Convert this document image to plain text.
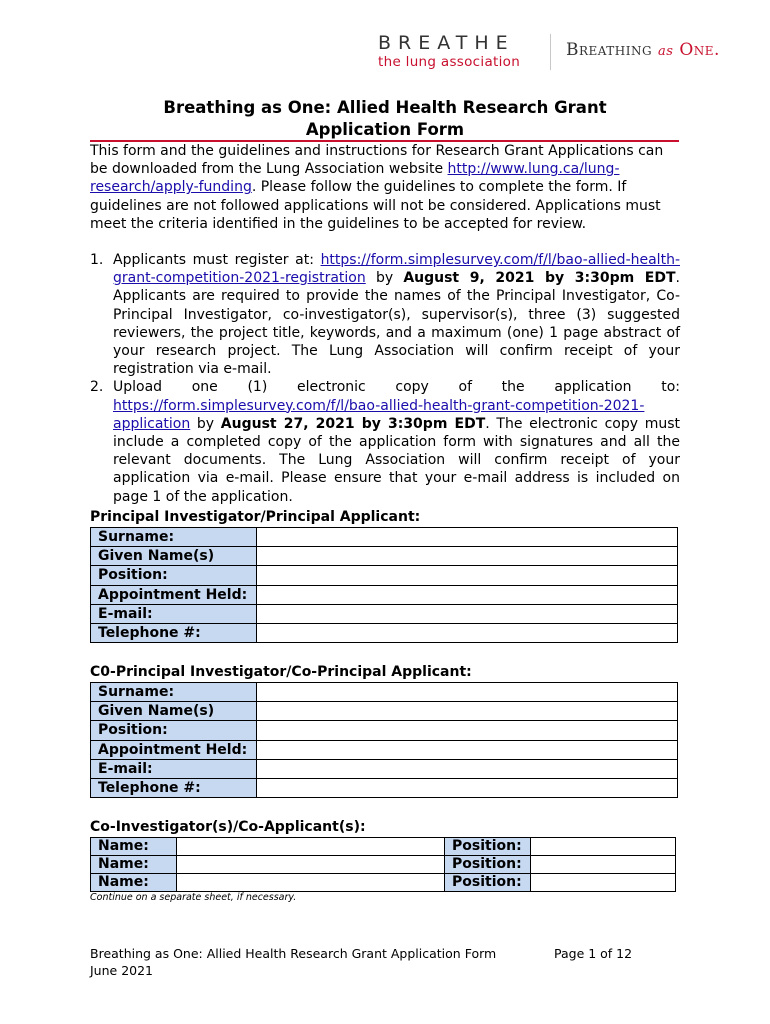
BREATHE
the lung association
Breathing as One.
Breathing as One: Allied Health Research Grant
Application Form
This form and the guidelines and instructions for Research Grant Applications can be downloaded from the Lung Association website http://www.lung.ca/lung-research/apply-funding. Please follow the guidelines to complete the form. If guidelines are not followed applications will not be considered. Applications must meet the criteria identified in the guidelines to be accepted for review.
1. Applicants must register at: https://form.simplesurvey.com/f/l/bao-allied-health-grant-competition-2021-registration by August 9, 2021 by 3:30pm EDT. Applicants are required to provide the names of the Principal Investigator, Co-Principal Investigator, co-investigator(s), supervisor(s), three (3) suggested reviewers, the project title, keywords, and a maximum (one) 1 page abstract of your research project. The Lung Association will confirm receipt of your registration via e-mail.
2. Upload one (1) electronic copy of the application to: https://form.simplesurvey.com/f/l/bao-allied-health-grant-competition-2021-application by August 27, 2021 by 3:30pm EDT. The electronic copy must include a completed copy of the application form with signatures and all the relevant documents. The Lung Association will confirm receipt of your application via e-mail. Please ensure that your e-mail address is included on page 1 of the application.
Principal Investigator/Principal Applicant:
Surname:	
Given Name(s)	
Position:	
Appointment Held:	
E-mail:	
Telephone #:	
C0-Principal Investigator/Co-Principal Applicant:
Surname:	
Given Name(s)	
Position:	
Appointment Held:	
E-mail:	
Telephone #:	
Co-Investigator(s)/Co-Applicant(s):
Name:		Position:	
Name:		Position:	
Name:		Position:	
Continue on a separate sheet, if necessary.
Breathing as One: Allied Health Research Grant Application Form
June 2021
Page 1 of 12
